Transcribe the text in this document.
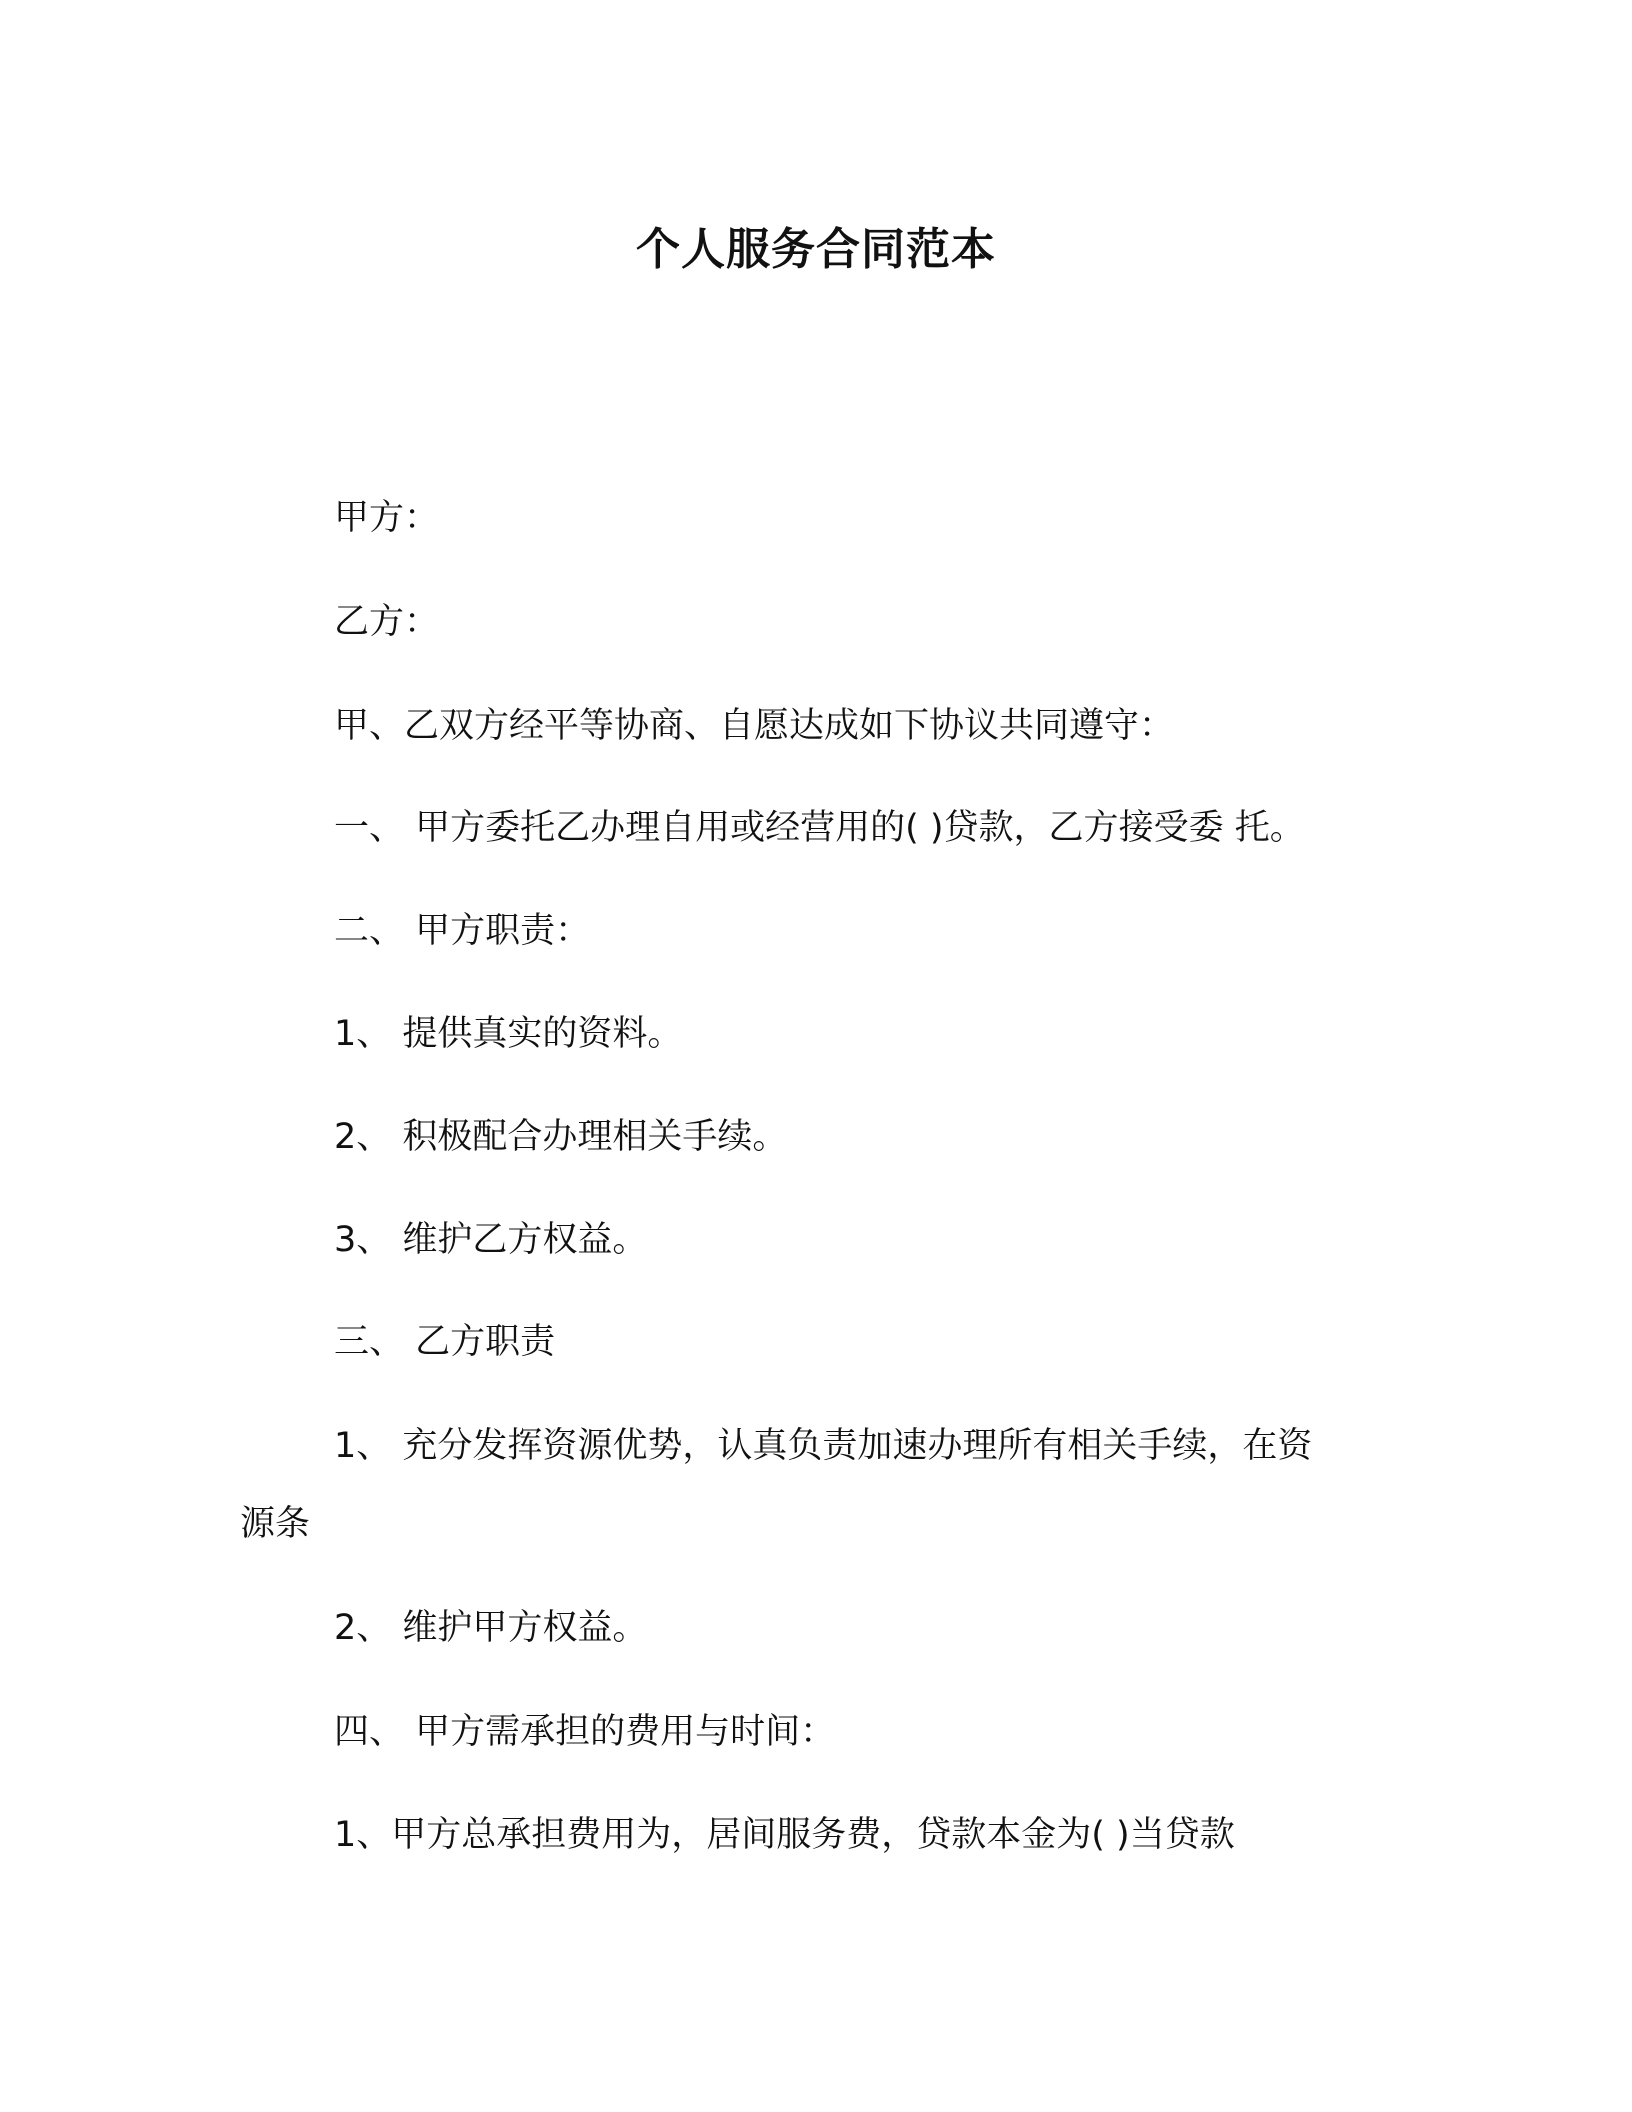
个人服务合同范本
甲方：
乙方：
甲、乙双方经平等协商、自愿达成如下协议共同遵守：
一、 甲方委托乙办理自用或经营用的( )贷款，乙方接受委 托。
二、 甲方职责：
1、 提供真实的资料。
2、 积极配合办理相关手续。
3、 维护乙方权益。
三、 乙方职责
1、 充分发挥资源优势，认真负责加速办理所有相关手续，在资
源条
2、 维护甲方权益。
四、 甲方需承担的费用与时间：
1、甲方总承担费用为，居间服务费，贷款本金为( )当贷款
